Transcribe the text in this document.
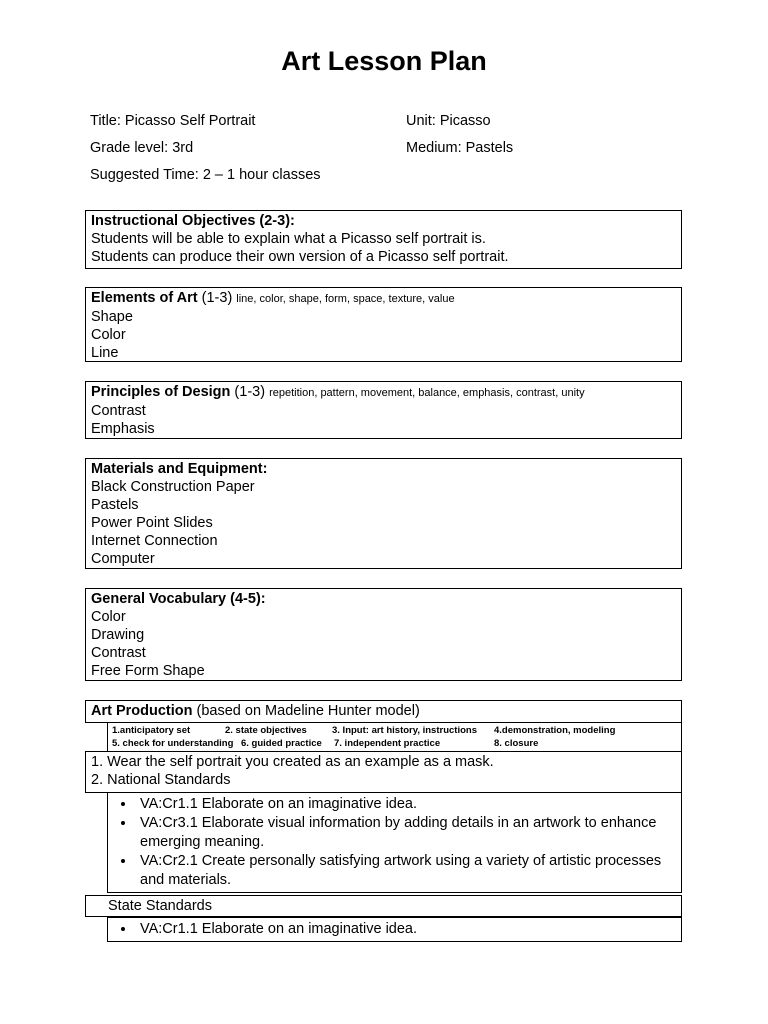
Art Lesson Plan
Title: Picasso Self Portrait	Unit: Picasso
Grade level: 3rd	Medium: Pastels
Suggested Time: 2 – 1 hour classes
Instructional Objectives (2-3):
Students will be able to explain what a Picasso self portrait is.
Students can produce their own version of a Picasso self portrait.
Elements of Art (1-3) line, color, shape, form, space, texture, value
Shape
Color
Line
Principles of Design (1-3) repetition, pattern, movement, balance, emphasis, contrast, unity
Contrast
Emphasis
Materials and Equipment:
Black Construction Paper
Pastels
Power Point Slides
Internet Connection
Computer
General Vocabulary (4-5):
Color
Drawing
Contrast
Free Form Shape
Art Production (based on Madeline Hunter model)
1.anticipatory set	2. state objectives	3. Input: art history, instructions	4.demonstration, modeling
5. check for understanding 6. guided practice	7. independent practice	8. closure
1. Wear the self portrait you created as an example as a mask.
2. National Standards
• VA:Cr1.1 Elaborate on an imaginative idea.
• VA:Cr3.1 Elaborate visual information by adding details in an artwork to enhance emerging meaning.
• VA:Cr2.1 Create personally satisfying artwork using a variety of artistic processes and materials.
State Standards
• VA:Cr1.1 Elaborate on an imaginative idea.
